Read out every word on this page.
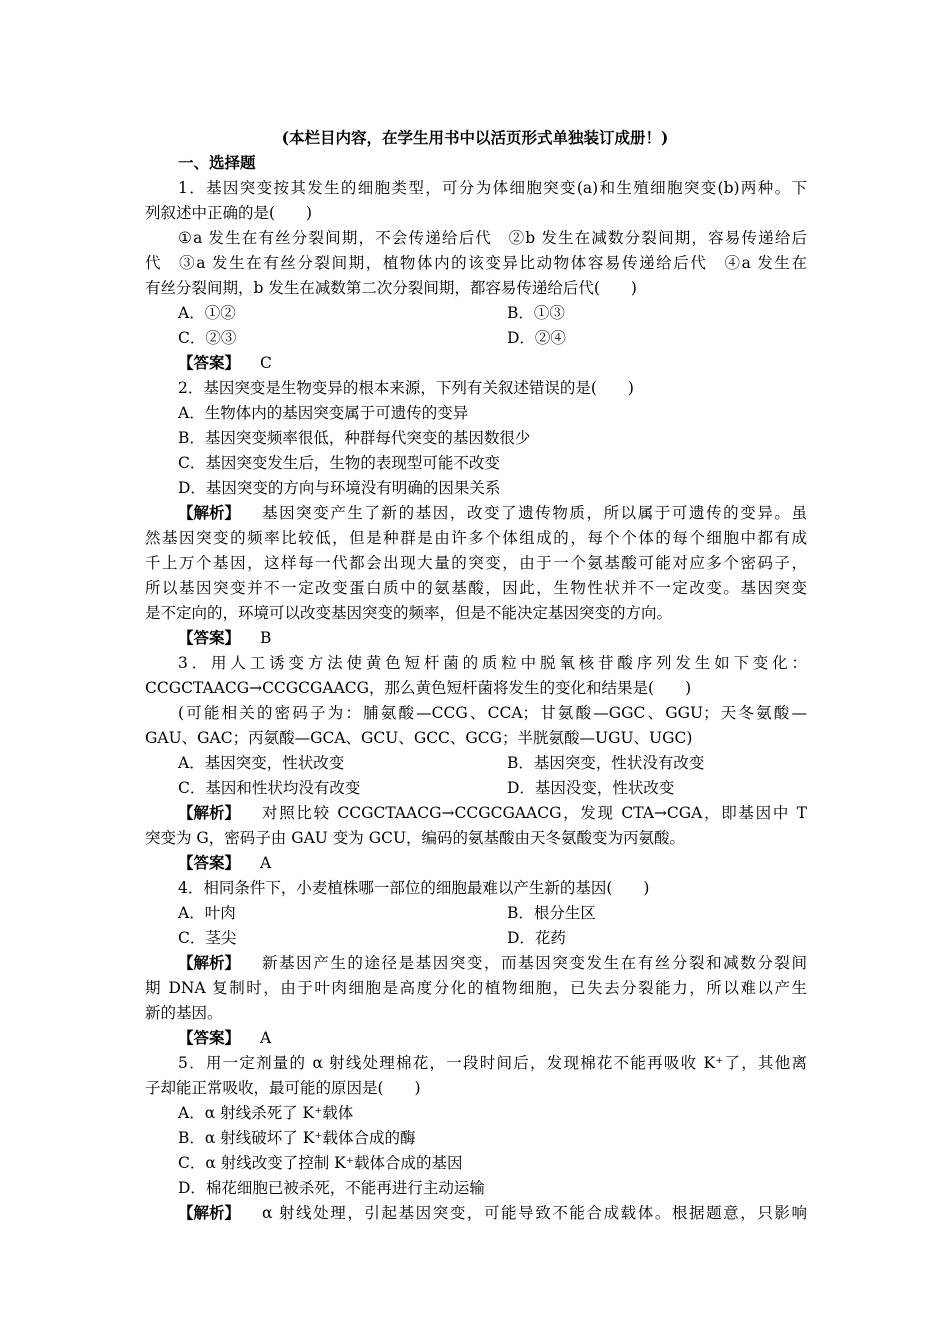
(本栏目内容，在学生用书中以活页形式单独装订成册！)
一、选择题
1．基因突变按其发生的细胞类型，可分为体细胞突变(a)和生殖细胞突变(b)两种。下
列叙述中正确的是(　　)
①a 发生在有丝分裂间期，不会传递给后代　②b 发生在减数分裂间期，容易传递给后
代　③a 发生在有丝分裂间期，植物体内的该变异比动物体容易传递给后代　④a 发生在
有丝分裂间期，b 发生在减数第二次分裂间期，都容易传递给后代(　　)
A．①②	B．①③
C．②③	D．②④
【答案】 C
2．基因突变是生物变异的根本来源，下列有关叙述错误的是(　　)
A．生物体内的基因突变属于可遗传的变异
B．基因突变频率很低，种群每代突变的基因数很少
C．基因突变发生后，生物的表现型可能不改变
D．基因突变的方向与环境没有明确的因果关系
【解析】 基因突变产生了新的基因，改变了遗传物质，所以属于可遗传的变异。虽
然基因突变的频率比较低，但是种群是由许多个体组成的，每个个体的每个细胞中都有成
千上万个基因，这样每一代都会出现大量的突变，由于一个氨基酸可能对应多个密码子，
所以基因突变并不一定改变蛋白质中的氨基酸，因此，生物性状并不一定改变。基因突变
是不定向的，环境可以改变基因突变的频率，但是不能决定基因突变的方向。
【答案】 B
3．用人工诱变方法使黄色短杆菌的质粒中脱氧核苷酸序列发生如下变化：
CCGCTAACG→CCGCGAACG，那么黄色短杆菌将发生的变化和结果是(　　)
(可能相关的密码子为：脯氨酸—CCG、CCA；甘氨酸—GGC、GGU；天冬氨酸—
GAU、GAC；丙氨酸—GCA、GCU、GCC、GCG；半胱氨酸—UGU、UGC)
A．基因突变，性状改变	B．基因突变，性状没有改变
C．基因和性状均没有改变	D．基因没变，性状改变
【解析】 对照比较 CCGCTAACG→CCGCGAACG，发现 CTA→CGA，即基因中 T
突变为 G，密码子由 GAU 变为 GCU，编码的氨基酸由天冬氨酸变为丙氨酸。
【答案】 A
4．相同条件下，小麦植株哪一部位的细胞最难以产生新的基因(　　)
A．叶肉	B．根分生区
C．茎尖	D．花药
【解析】 新基因产生的途径是基因突变，而基因突变发生在有丝分裂和减数分裂间
期 DNA 复制时，由于叶肉细胞是高度分化的植物细胞，已失去分裂能力，所以难以产生
新的基因。
【答案】 A
5．用一定剂量的 α 射线处理棉花，一段时间后，发现棉花不能再吸收 K⁺了，其他离
子却能正常吸收，最可能的原因是(　　)
A．α 射线杀死了 K⁺载体
B．α 射线破坏了 K⁺载体合成的酶
C．α 射线改变了控制 K⁺载体合成的基因
D．棉花细胞已被杀死，不能再进行主动运输
【解析】 α 射线处理，引起基因突变，可能导致不能合成载体。根据题意，只影响
